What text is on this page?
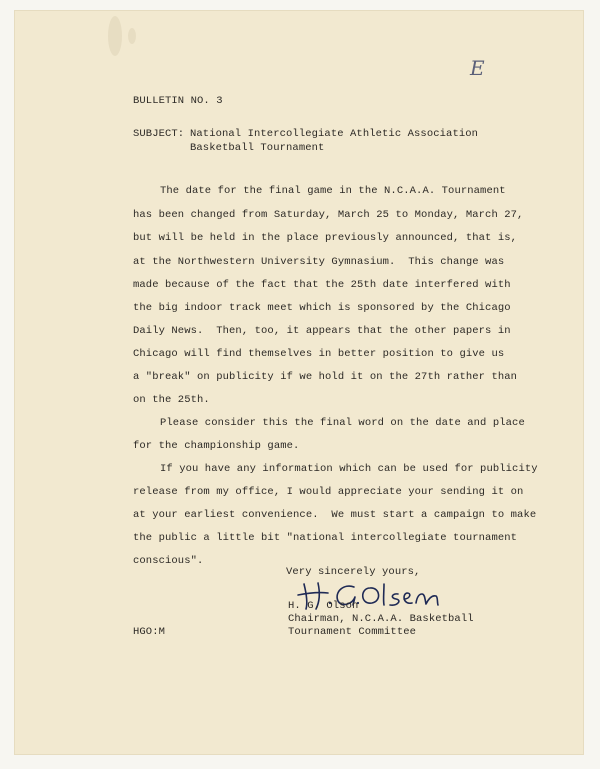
E

BULLETIN NO. 3

SUBJECT: National Intercollegiate Athletic Association

Basketball Tournament

The date for the final game in the N.C.A.A. Tournament

has been changed from Saturday, March 25 to Monday, March 27,

but will be held in the place previously announced, that is,

at the Northwestern University Gymnasium.  This change was

made because of the fact that the 25th date interfered with

the big indoor track meet which is sponsored by the Chicago

Daily News.  Then, too, it appears that the other papers in

Chicago will find themselves in better position to give us

a "break" on publicity if we hold it on the 27th rather than

on the 25th.

Please consider this the final word on the date and place

for the championship game.

If you have any information which can be used for publicity

release from my office, I would appreciate your sending it on

at your earliest convenience.  We must start a campaign to make

the public a little bit "national intercollegiate tournament

conscious".

Very sincerely yours,

H. G. Olson

Chairman, N.C.A.A. Basketball

Tournament Committee

HGO:M
